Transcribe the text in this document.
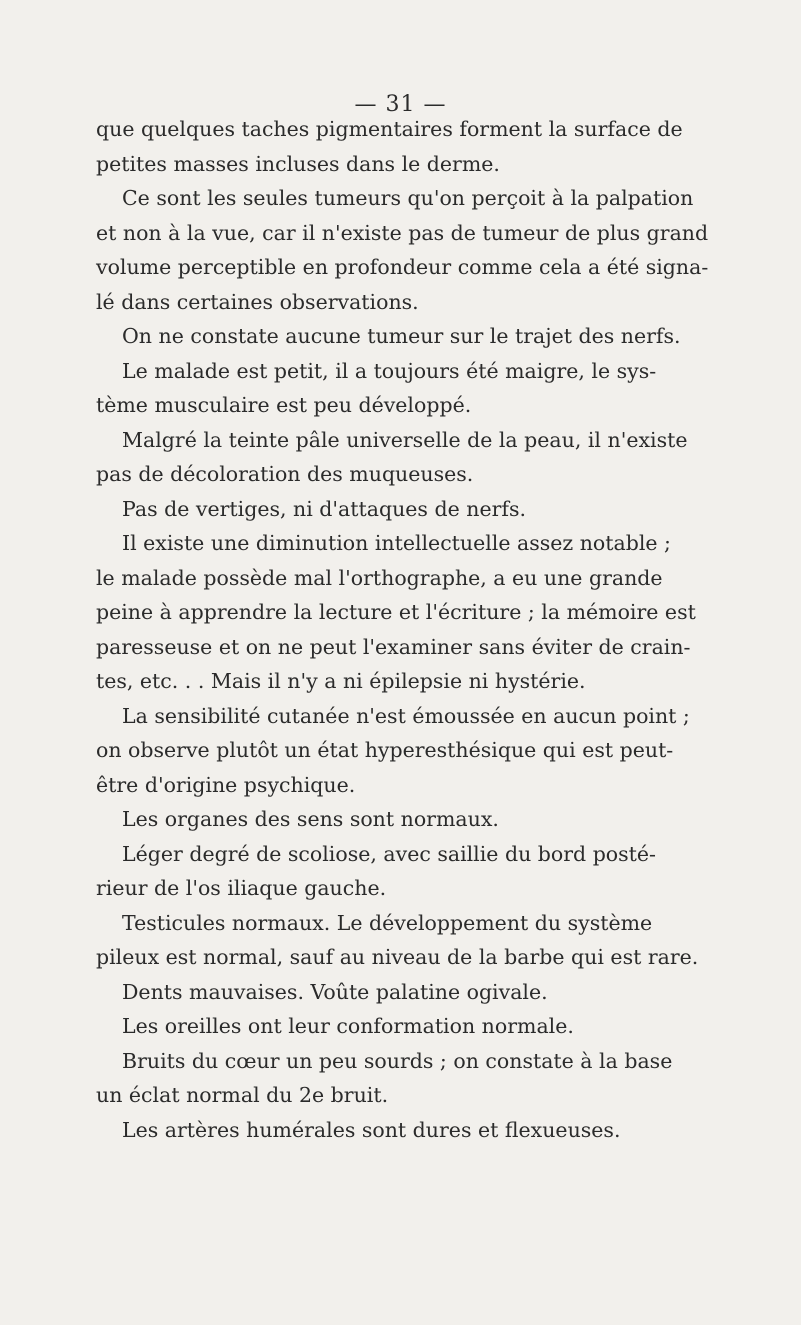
— 31 —
que quelques taches pigmentaires forment la surface de
petites masses incluses dans le derme.
Ce sont les seules tumeurs qu'on perçoit à la palpation
et non à la vue, car il n'existe pas de tumeur de plus grand
volume perceptible en profondeur comme cela a été signa-
lé dans certaines observations.
On ne constate aucune tumeur sur le trajet des nerfs.
Le malade est petit, il a toujours été maigre, le sys-
tème musculaire est peu développé.
Malgré la teinte pâle universelle de la peau, il n'existe
pas de décoloration des muqueuses.
Pas de vertiges, ni d'attaques de nerfs.
Il existe une diminution intellectuelle assez notable ;
le malade possède mal l'orthographe, a eu une grande
peine à apprendre la lecture et l'écriture ; la mémoire est
paresseuse et on ne peut l'examiner sans éviter de crain-
tes, etc. . . Mais il n'y a ni épilepsie ni hystérie.
La sensibilité cutanée n'est émoussée en aucun point ;
on observe plutôt un état hyperesthésique qui est peut-
être d'origine psychique.
Les organes des sens sont normaux.
Léger degré de scoliose, avec saillie du bord posté-
rieur de l'os iliaque gauche.
Testicules normaux. Le développement du système
pileux est normal, sauf au niveau de la barbe qui est rare.
Dents mauvaises. Voûte palatine ogivale.
Les oreilles ont leur conformation normale.
Bruits du cœur un peu sourds ; on constate à la base
un éclat normal du 2e bruit.
Les artères humérales sont dures et flexueuses.
